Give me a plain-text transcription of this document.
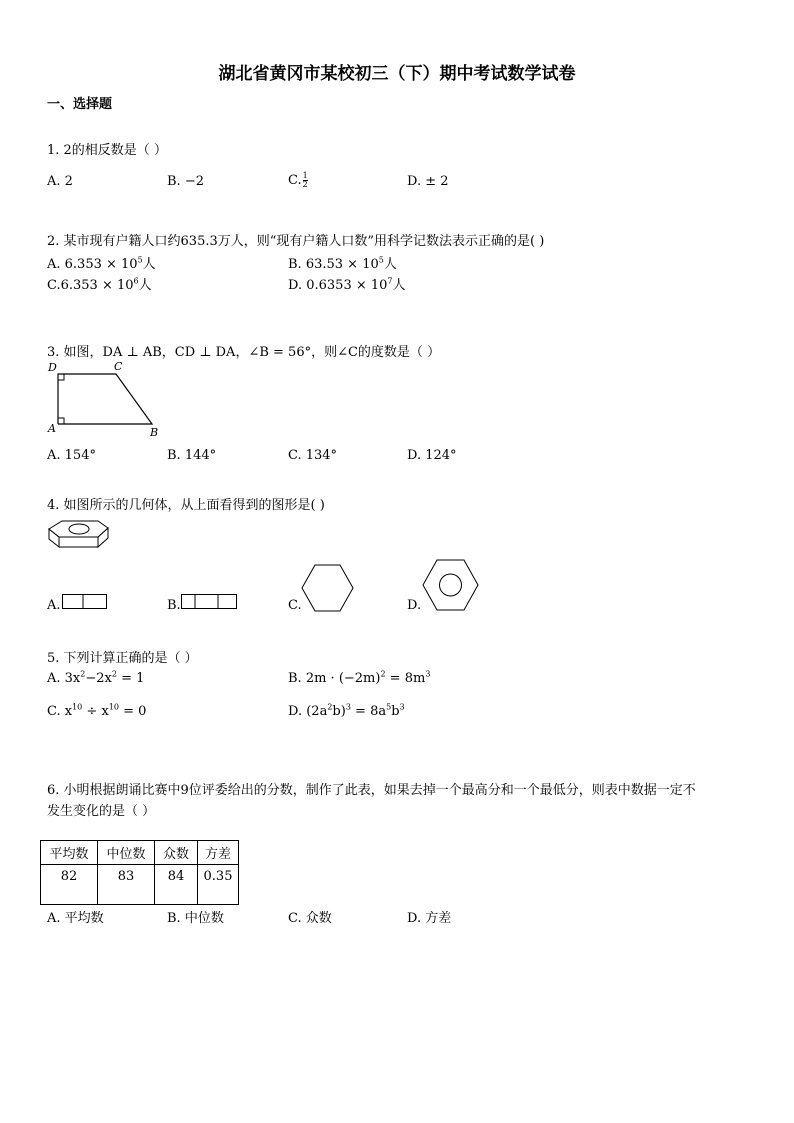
湖北省黄冈市某校初三（下）期中考试数学试卷
一、选择题
1. 2的相反数是（ ）
A. 2	B. −2	C. $\frac{1}{2}$	D. ± 2
2. 某市现有户籍人口约635.3万人，则“现有户籍人口数”用科学记数法表示正确的是( )
A. $6.353 \times 10^5$人	B. $63.53 \times 10^5$人
$C.6.353 \times 10^6$人	D. $0.6353 \times 10^7$人
3. 如图，DA ⊥ AB，CD ⊥ DA，∠B = 56°，则∠C的度数是（ ）
D	C
A	B
A. 154°	B. 144°	C. 134°	D. 124°
4. 如图所示的几何体，从上面看得到的图形是( )
A.	B.	C.	D.
5. 下列计算正确的是（ ）
A. $3x^2-2x^2 = 1$	B. $2m \cdot (-2m)^2 = 8m^3$
C. $x^{10} \div x^{10} = 0$	D. $(2a^2b)^3 = 8a^5b^3$
6. 小明根据朗诵比赛中9位评委给出的分数，制作了此表，如果去掉一个最高分和一个最低分，则表中数据一定不
发生变化的是（ ）
平均数	中位数	众数	方差
82	83	84	0.35
A. 平均数	B. 中位数	C. 众数	D. 方差
